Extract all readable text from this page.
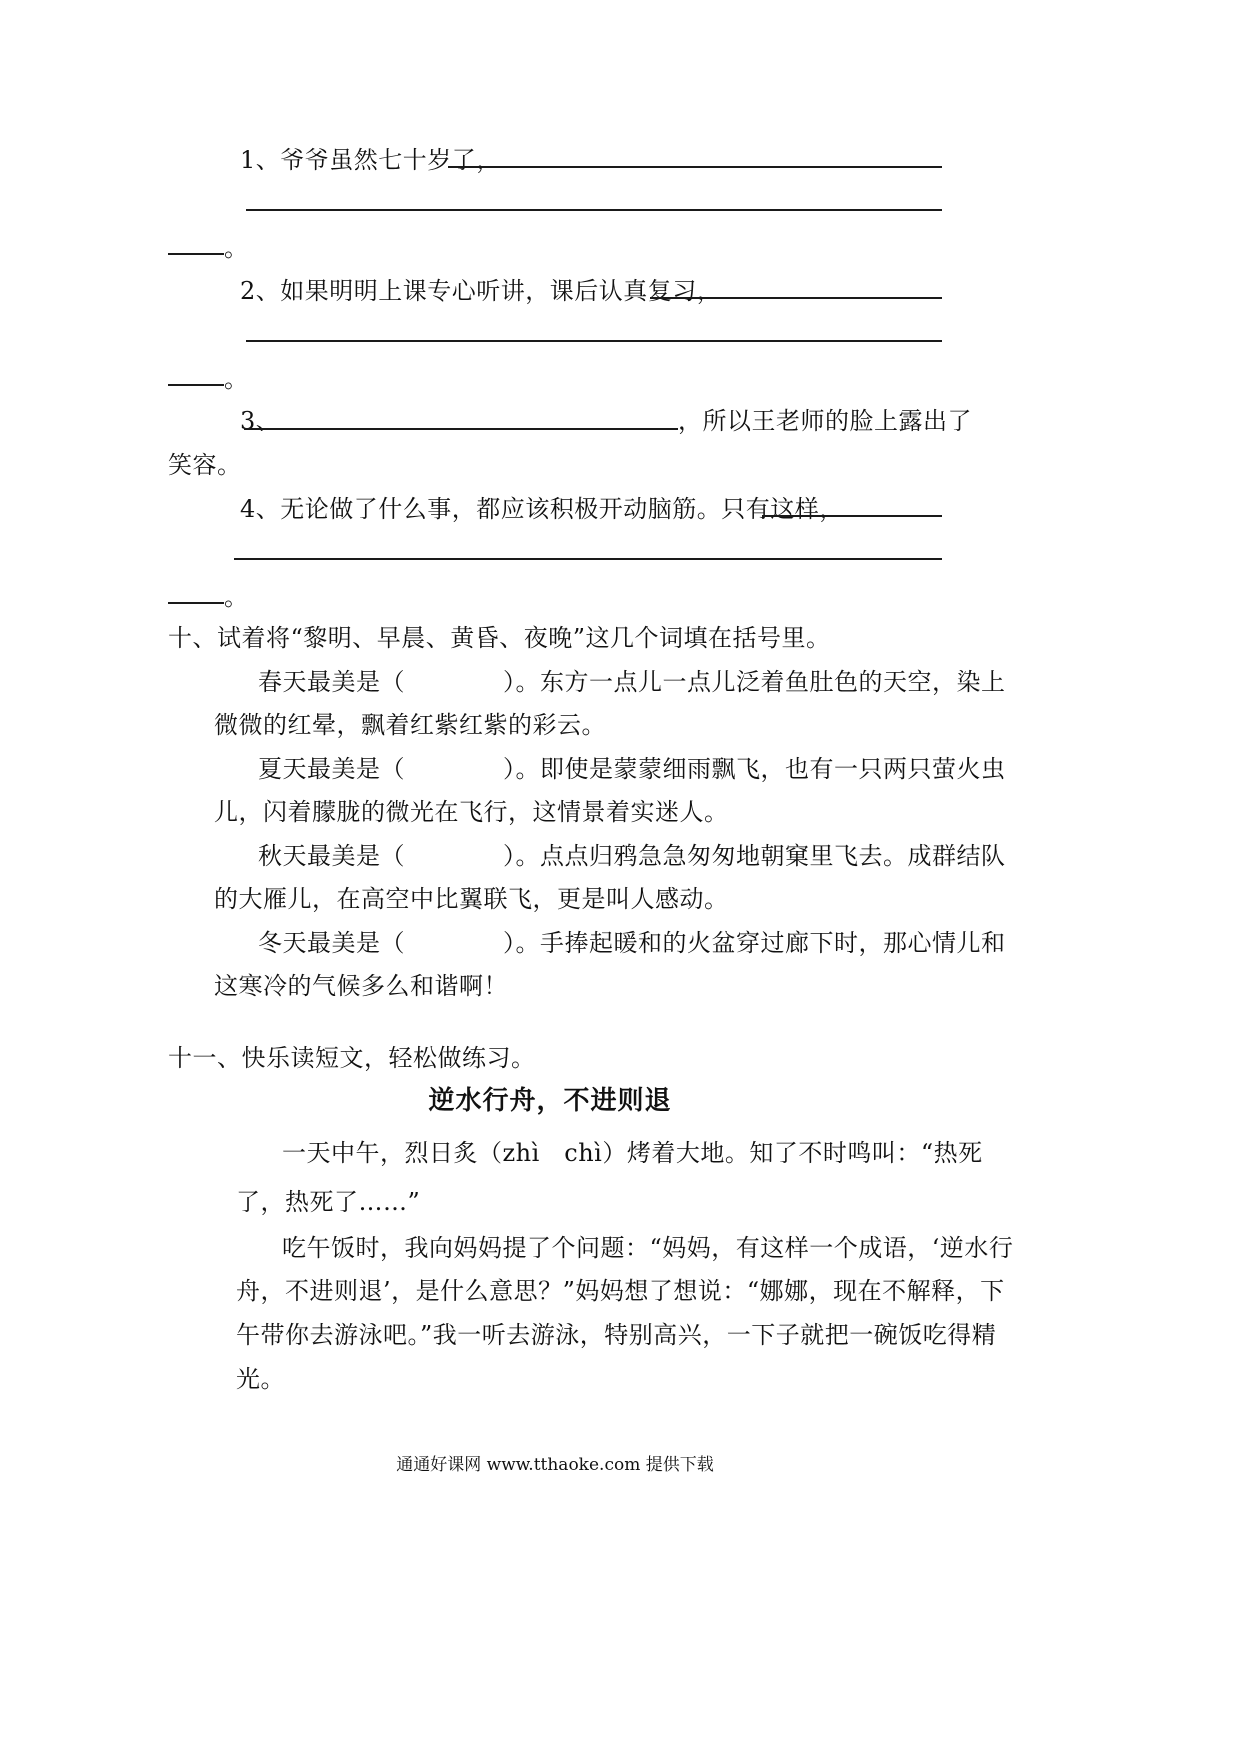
1、爷爷虽然七十岁了，
。
2、如果明明上课专心听讲，课后认真复习，
。
3、	，所以王老师的脸上露出了
笑容。
4、无论做了什么事，都应该积极开动脑筋。只有这样，
。
十、试着将“黎明、早晨、黄昏、夜晚”这几个词填在括号里。
春天最美是（　　　　）。东方一点儿一点儿泛着鱼肚色的天空，染上
微微的红晕，飘着红紫红紫的彩云。
夏天最美是（　　　　）。即使是蒙蒙细雨飘飞，也有一只两只萤火虫
儿，闪着朦胧的微光在飞行，这情景着实迷人。
秋天最美是（　　　　）。点点归鸦急急匆匆地朝窠里飞去。成群结队
的大雁儿，在高空中比翼联飞，更是叫人感动。
冬天最美是（　　　　）。手捧起暖和的火盆穿过廊下时，那心情儿和
这寒冷的气候多么和谐啊！
十一、快乐读短文，轻松做练习。
逆水行舟，不进则退
一天中午，烈日炙（zhì　chì）烤着大地。知了不时鸣叫：“热死
了，热死了……”
吃午饭时，我向妈妈提了个问题：“妈妈，有这样一个成语，‘逆水行
舟，不进则退’，是什么意思？”妈妈想了想说：“娜娜，现在不解释，下
午带你去游泳吧。”我一听去游泳，特别高兴，一下子就把一碗饭吃得精
光。
通通好课网 www.tthaoke.com 提供下载
